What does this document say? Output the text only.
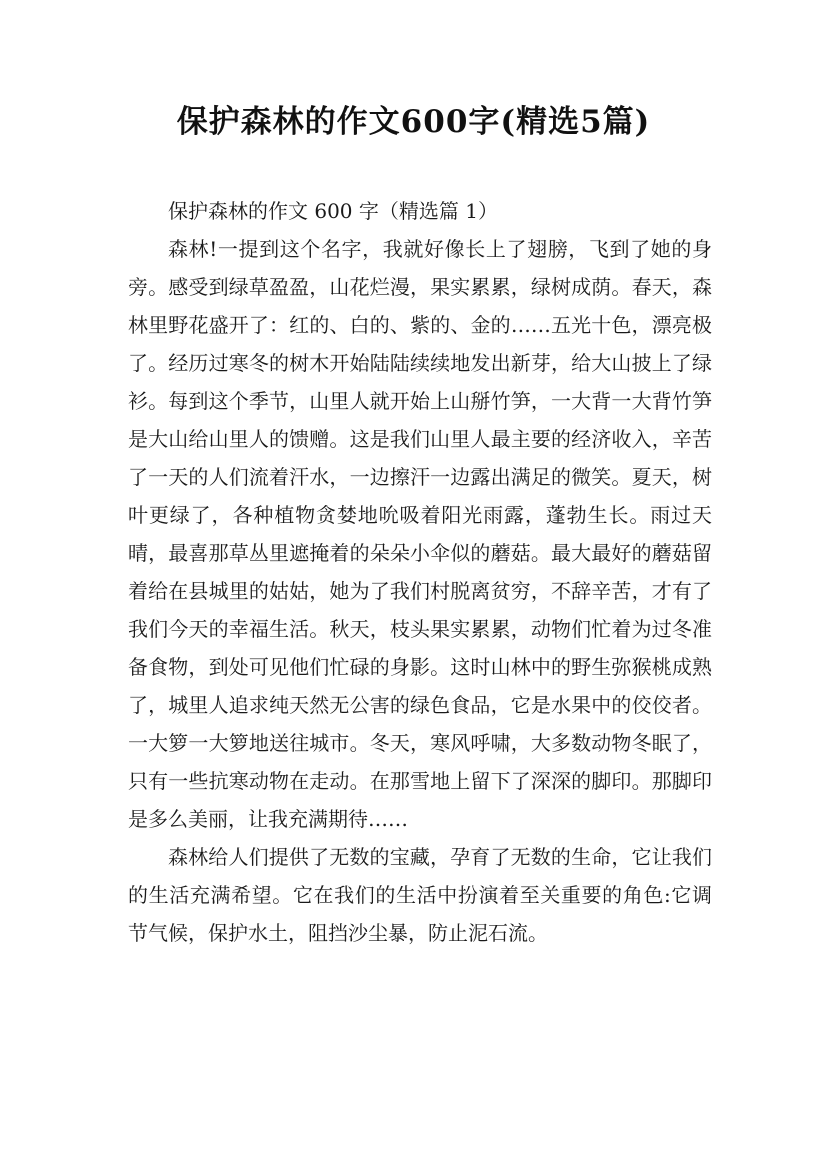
保护森林的作文600字(精选5篇)

保护森林的作文 600 字（精选篇 1）

森林!一提到这个名字，我就好像长上了翅膀，飞到了她的身旁。感受到绿草盈盈，山花烂漫，果实累累，绿树成荫。春天，森林里野花盛开了：红的、白的、紫的、金的……五光十色，漂亮极了。经历过寒冬的树木开始陆陆续续地发出新芽，给大山披上了绿衫。每到这个季节，山里人就开始上山掰竹笋，一大背一大背竹笋是大山给山里人的馈赠。这是我们山里人最主要的经济收入，辛苦了一天的人们流着汗水，一边擦汗一边露出满足的微笑。夏天，树叶更绿了，各种植物贪婪地吮吸着阳光雨露，蓬勃生长。雨过天晴，最喜那草丛里遮掩着的朵朵小伞似的蘑菇。最大最好的蘑菇留着给在县城里的姑姑，她为了我们村脱离贫穷，不辞辛苦，才有了我们今天的幸福生活。秋天，枝头果实累累，动物们忙着为过冬准备食物，到处可见他们忙碌的身影。这时山林中的野生弥猴桃成熟了，城里人追求纯天然无公害的绿色食品，它是水果中的佼佼者。一大箩一大箩地送往城市。冬天，寒风呼啸，大多数动物冬眠了，只有一些抗寒动物在走动。在那雪地上留下了深深的脚印。那脚印是多么美丽，让我充满期待……

森林给人们提供了无数的宝藏，孕育了无数的生命，它让我们的生活充满希望。它在我们的生活中扮演着至关重要的角色:它调节气候，保护水土，阻挡沙尘暴，防止泥石流。
